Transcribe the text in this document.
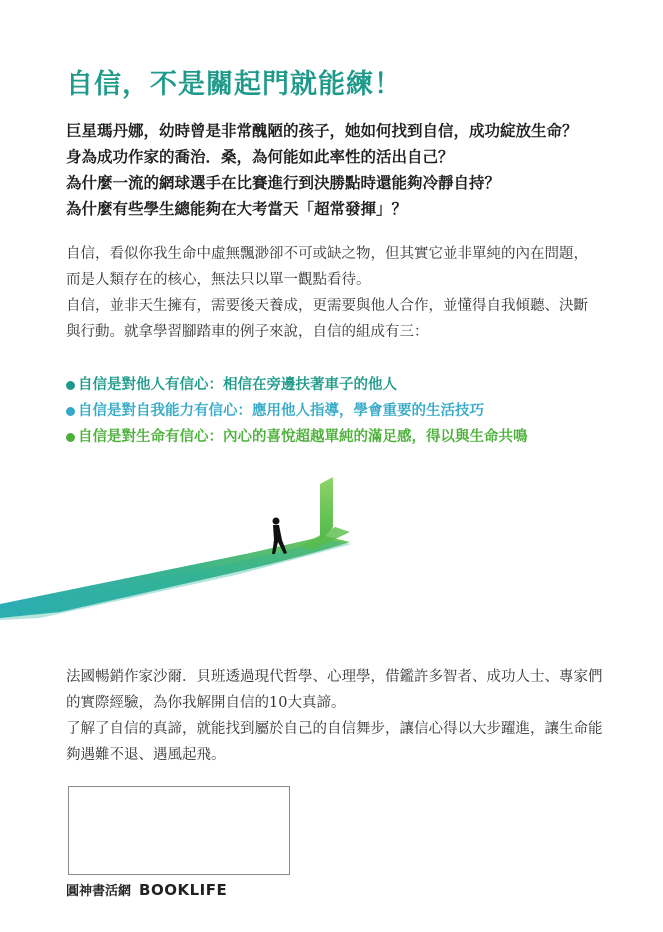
自信，不是關起門就能練！
巨星瑪丹娜，幼時曾是非常醜陋的孩子，她如何找到自信，成功綻放生命？
身為成功作家的喬治．桑，為何能如此率性的活出自己？
為什麼一流的網球選手在比賽進行到決勝點時還能夠冷靜自持？
為什麼有些學生總能夠在大考當天「超常發揮」？

自信，看似你我生命中虛無飄渺卻不可或缺之物，但其實它並非單純的內在問題，而是人類存在的核心，無法只以單一觀點看待。

自信，並非天生擁有，需要後天養成，更需要與他人合作，並懂得自我傾聽、決斷與行動。就拿學習腳踏車的例子來說，自信的組成有三：

自信是對他人有信心：相信在旁邊扶著車子的他人
自信是對自我能力有信心：應用他人指導，學會重要的生活技巧
自信是對生命有信心：內心的喜悅超越單純的滿足感，得以與生命共鳴

法國暢銷作家沙爾．貝班透過現代哲學、心理學，借鑑許多智者、成功人士、專家們的實際經驗，為你我解開自信的10大真諦。

了解了自信的真諦，就能找到屬於自己的自信舞步，讓信心得以大步躍進，讓生命能夠遇難不退、遇風起飛。

圓神書活網 BOOKLIFE
